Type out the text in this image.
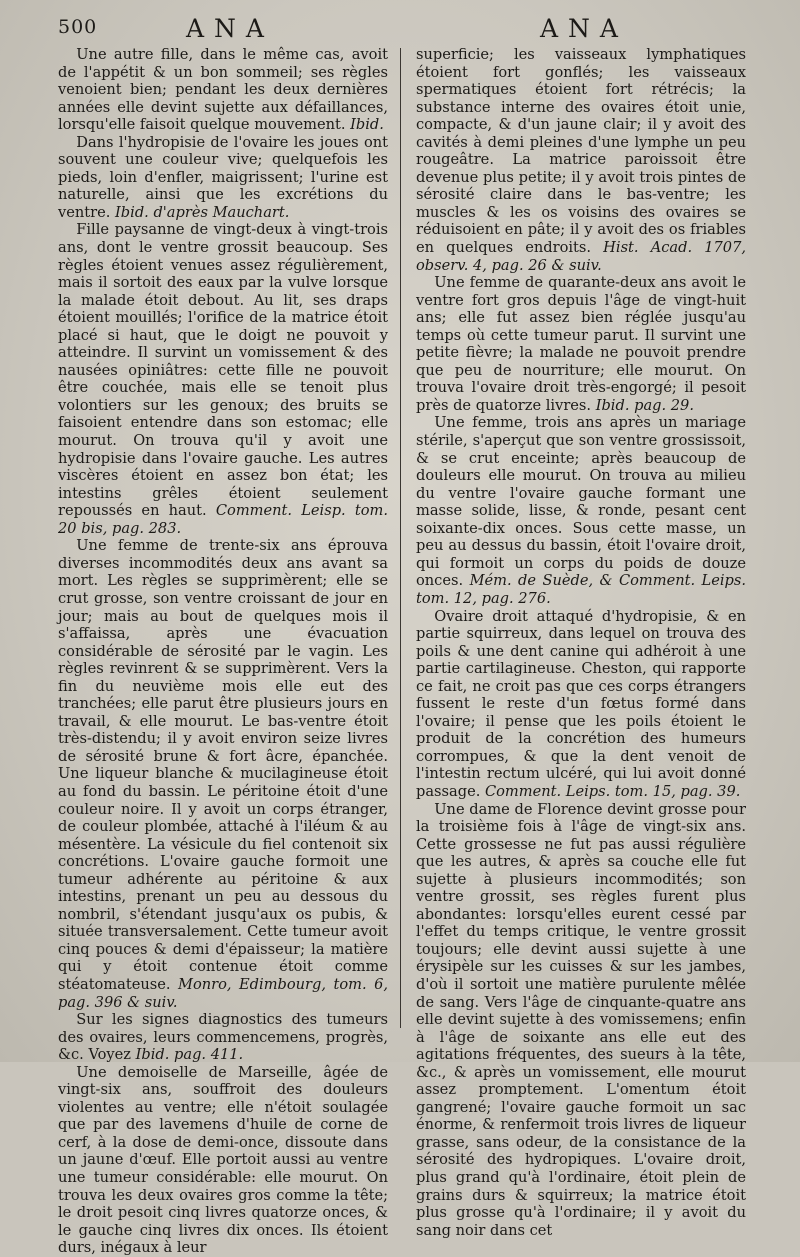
500	ANA	ANA

Une autre fille, dans le même cas, avoit de l'appétit & un bon sommeil; ses règles venoient bien; pendant les deux dernières années elle devint sujette aux défaillances, lorsqu'elle faisoit quelque mouvement. Ibid.

Dans l'hydropisie de l'ovaire les joues ont souvent une couleur vive; quelquefois les pieds, loin d'enfler, maigrissent; l'urine est naturelle, ainsi que les excrétions du ventre. Ibid. d'après Mauchart.

Fille paysanne de vingt-deux à vingt-trois ans, dont le ventre grossit beaucoup. Ses règles étoient venues assez régulièrement, mais il sortoit des eaux par la vulve lorsque la malade étoit debout. Au lit, ses draps étoient mouillés; l'orifice de la matrice étoit placé si haut, que le doigt ne pouvoit y atteindre. Il survint un vomissement & des nausées opiniâtres: cette fille ne pouvoit être couchée, mais elle se tenoit plus volontiers sur les genoux; des bruits se faisoient entendre dans son estomac; elle mourut. On trouva qu'il y avoit une hydropisie dans l'ovaire gauche. Les autres viscères étoient en assez bon état; les intestins grêles étoient seulement repoussés en haut. Comment. Leisp. tom. 20 bis, pag. 283.

Une femme de trente-six ans éprouva diverses incommodités deux ans avant sa mort. Les règles se supprimèrent; elle se crut grosse, son ventre croissant de jour en jour; mais au bout de quelques mois il s'affaissa, après une évacuation considérable de sérosité par le vagin. Les règles revinrent & se supprimèrent. Vers la fin du neuvième mois elle eut des tranchées; elle parut être plusieurs jours en travail, & elle mourut. Le bas-ventre étoit très-distendu; il y avoit environ seize livres de sérosité brune & fort âcre, épanchée. Une liqueur blanche & mucilagineuse étoit au fond du bassin. Le péritoine étoit d'une couleur noire. Il y avoit un corps étranger, de couleur plombée, attaché à l'iléum & au mésentère. La vésicule du fiel contenoit six concrétions. L'ovaire gauche formoit une tumeur adhérente au péritoine & aux intestins, prenant un peu au dessous du nombril, s'étendant jusqu'aux os pubis, & située transversalement. Cette tumeur avoit cinq pouces & demi d'épaisseur; la matière qui y étoit contenue étoit comme stéatomateuse. Monro, Edimbourg, tom. 6, pag. 396 & suiv.

Sur les signes diagnostics des tumeurs des ovaires, leurs commencemens, progrès, &c. Voyez Ibid. pag. 411.

Une demoiselle de Marseille, âgée de vingt-six ans, souffroit des douleurs violentes au ventre; elle n'étoit soulagée que par des lavemens d'huile de corne de cerf, à la dose de demi-once, dissoute dans un jaune d'œuf. Elle portoit aussi au ventre une tumeur considérable: elle mourut. On trouva les deux ovaires gros comme la tête; le droit pesoit cinq livres quatorze onces, & le gauche cinq livres dix onces. Ils étoient durs, inégaux à leur

superficie; les vaisseaux lymphatiques étoient fort gonflés; les vaisseaux spermatiques étoient fort rétrécis; la substance interne des ovaires étoit unie, compacte, & d'un jaune clair; il y avoit des cavités à demi pleines d'une lymphe un peu rougeâtre. La matrice paroissoit être devenue plus petite; il y avoit trois pintes de sérosité claire dans le bas-ventre; les muscles & les os voisins des ovaires se réduisoient en pâte; il y avoit des os friables en quelques endroits. Hist. Acad. 1707, observ. 4, pag. 26 & suiv.

Une femme de quarante-deux ans avoit le ventre fort gros depuis l'âge de vingt-huit ans; elle fut assez bien réglée jusqu'au temps où cette tumeur parut. Il survint une petite fièvre; la malade ne pouvoit prendre que peu de nourriture; elle mourut. On trouva l'ovaire droit très-engorgé; il pesoit près de quatorze livres. Ibid. pag. 29.

Une femme, trois ans après un mariage stérile, s'aperçut que son ventre grossissoit, & se crut enceinte; après beaucoup de douleurs elle mourut. On trouva au milieu du ventre l'ovaire gauche formant une masse solide, lisse, & ronde, pesant cent soixante-dix onces. Sous cette masse, un peu au dessus du bassin, étoit l'ovaire droit, qui formoit un corps du poids de douze onces. Mém. de Suède, & Comment. Leips. tom. 12, pag. 276.

Ovaire droit attaqué d'hydropisie, & en partie squirreux, dans lequel on trouva des poils & une dent canine qui adhéroit à une partie cartilagineuse. Cheston, qui rapporte ce fait, ne croit pas que ces corps étrangers fussent le reste d'un fœtus formé dans l'ovaire; il pense que les poils étoient le produit de la concrétion des humeurs corrompues, & que la dent venoit de l'intestin rectum ulcéré, qui lui avoit donné passage. Comment. Leips. tom. 15, pag. 39.

Une dame de Florence devint grosse pour la troisième fois à l'âge de vingt-six ans. Cette grossesse ne fut pas aussi régulière que les autres, & après sa couche elle fut sujette à plusieurs incommodités; son ventre grossit, ses règles furent plus abondantes: lorsqu'elles eurent cessé par l'effet du temps critique, le ventre grossit toujours; elle devint aussi sujette à une érysipèle sur les cuisses & sur les jambes, d'où il sortoit une matière purulente mêlée de sang. Vers l'âge de cinquante-quatre ans elle devint sujette à des vomissemens; enfin à l'âge de soixante ans elle eut des agitations fréquentes, des sueurs à la tête, &c., & après un vomissement, elle mourut assez promptement. L'omentum étoit gangrené; l'ovaire gauche formoit un sac énorme, & renfermoit trois livres de liqueur grasse, sans odeur, de la consistance de la sérosité des hydropiques. L'ovaire droit, plus grand qu'à l'ordinaire, étoit plein de grains durs & squirreux; la matrice étoit plus grosse qu'à l'ordinaire; il y avoit du sang noir dans cet
